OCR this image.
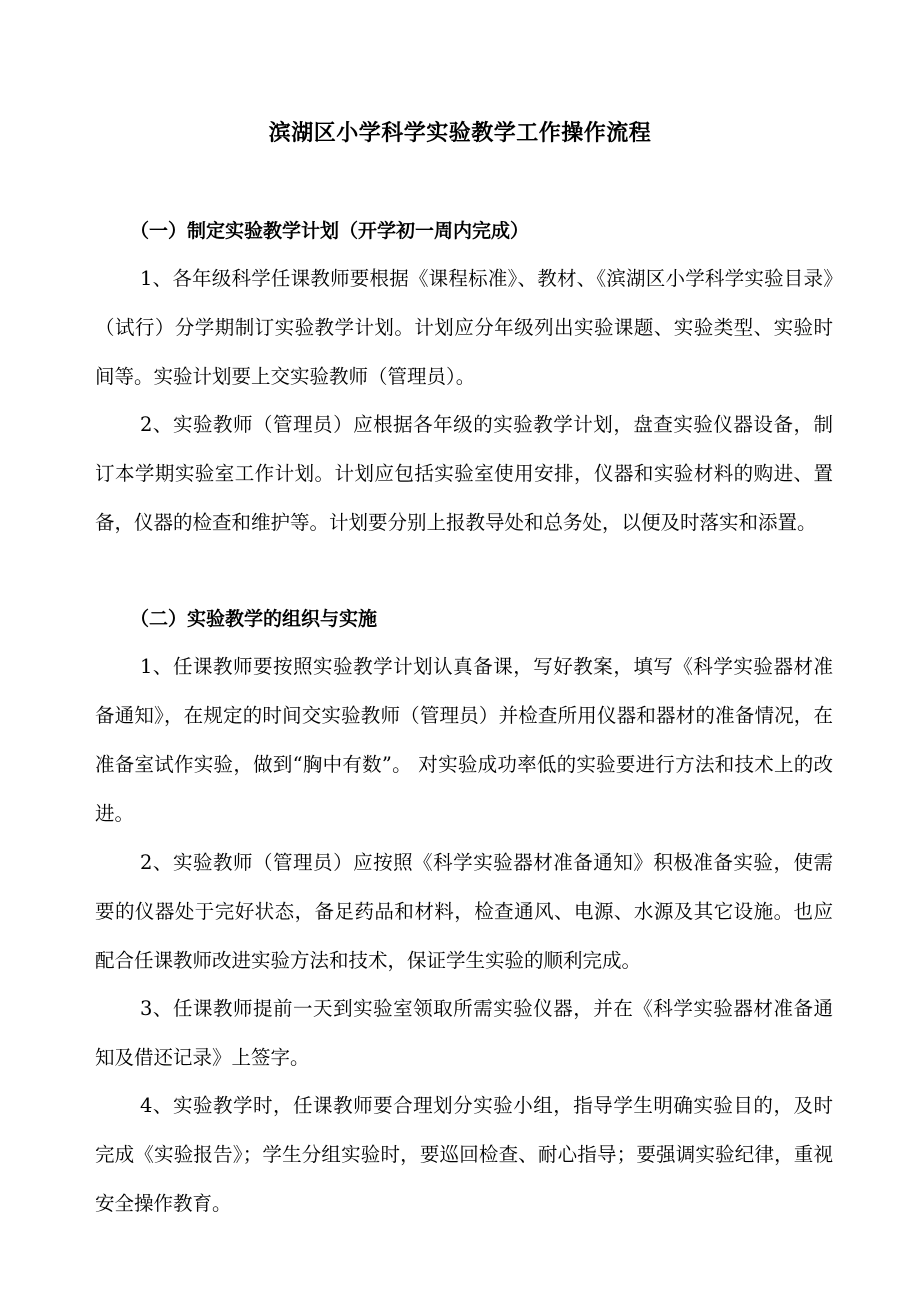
滨湖区小学科学实验教学工作操作流程
（一）制定实验教学计划（开学初一周内完成）
1、各年级科学任课教师要根据《课程标准》、教材、《滨湖区小学科学实验目录》（试行）分学期制订实验教学计划。计划应分年级列出实验课题、实验类型、实验时间等。实验计划要上交实验教师（管理员）。
2、实验教师（管理员）应根据各年级的实验教学计划，盘查实验仪器设备，制订本学期实验室工作计划。计划应包括实验室使用安排，仪器和实验材料的购进、置备，仪器的检查和维护等。计划要分别上报教导处和总务处，以便及时落实和添置。
（二）实验教学的组织与实施
1、任课教师要按照实验教学计划认真备课，写好教案，填写《科学实验器材准备通知》，在规定的时间交实验教师（管理员）并检查所用仪器和器材的准备情况，在准备室试作实验，做到“胸中有数”。 对实验成功率低的实验要进行方法和技术上的改进。
2、实验教师（管理员）应按照《科学实验器材准备通知》积极准备实验，使需要的仪器处于完好状态，备足药品和材料，检查通风、电源、水源及其它设施。也应配合任课教师改进实验方法和技术，保证学生实验的顺利完成。
3、任课教师提前一天到实验室领取所需实验仪器，并在《科学实验器材准备通知及借还记录》上签字。
4、实验教学时，任课教师要合理划分实验小组，指导学生明确实验目的，及时完成《实验报告》；学生分组实验时，要巡回检查、耐心指导；要强调实验纪律，重视安全操作教育。
